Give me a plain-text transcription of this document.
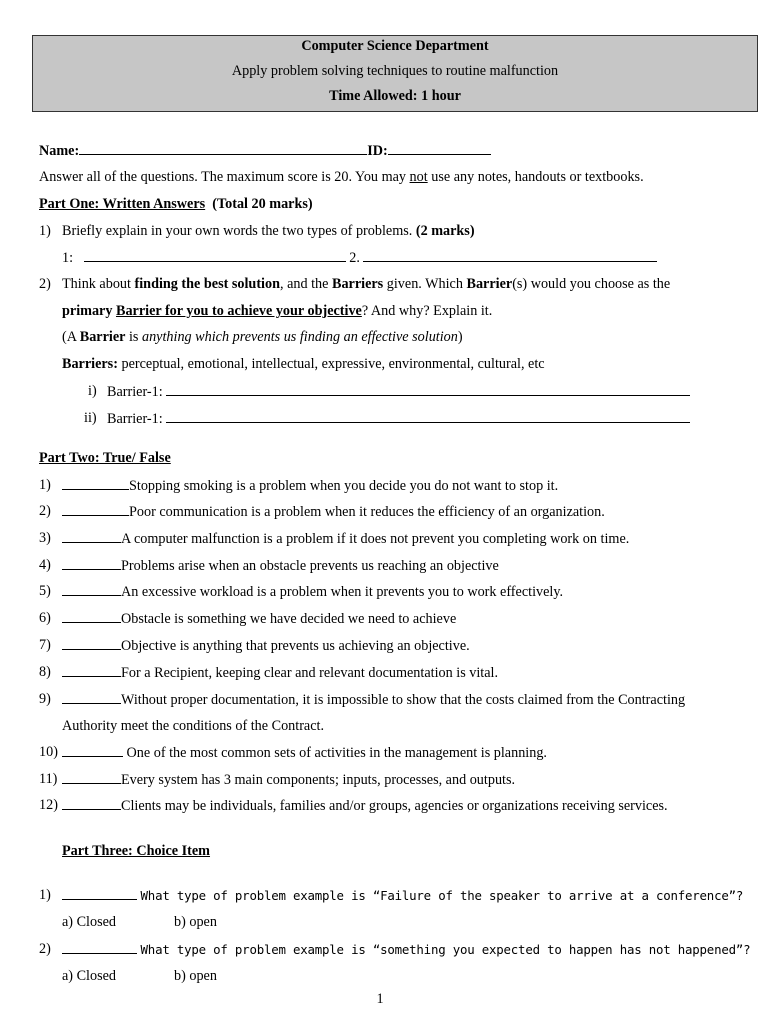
Computer Science Department
Apply problem solving techniques to routine malfunction
Time Allowed: 1 hour
Name:	ID:
Answer all of the questions. The maximum score is 20. You may not use any notes, handouts or textbooks.
Part One: Written Answers (Total 20 marks)
1) Briefly explain in your own words the two types of problems. (2 marks)
1:	2.
2) Think about finding the best solution, and the Barriers given. Which Barrier(s) would you choose as the
primary Barrier for you to achieve your objective? And why? Explain it.
(A Barrier is anything which prevents us finding an effective solution)
Barriers: perceptual, emotional, intellectual, expressive, environmental, cultural, etc
i) Barrier-1:
ii) Barrier-1:
Part Two: True/ False
1)	Stopping smoking is a problem when you decide you do not want to stop it.
2)	Poor communication is a problem when it reduces the efficiency of an organization.
3)	A computer malfunction is a problem if it does not prevent you completing work on time.
4)	Problems arise when an obstacle prevents us reaching an objective
5)	An excessive workload is a problem when it prevents you to work effectively.
6)	Obstacle is something we have decided we need to achieve
7)	Objective is anything that prevents us achieving an objective.
8)	For a Recipient, keeping clear and relevant documentation is vital.
9)	Without proper documentation, it is impossible to show that the costs claimed from the Contracting
Authority meet the conditions of the Contract.
10)	One of the most common sets of activities in the management is planning.
11)	Every system has 3 main components; inputs, processes, and outputs.
12)	Clients may be individuals, families and/or groups, agencies or organizations receiving services.
Part Three: Choice Item
1)	What type of problem example is “Failure of the speaker to arrive at a conference”?
a) Closed	b) open
2)	What type of problem example is “something you expected to happen has not happened”?
a) Closed	b) open
1
